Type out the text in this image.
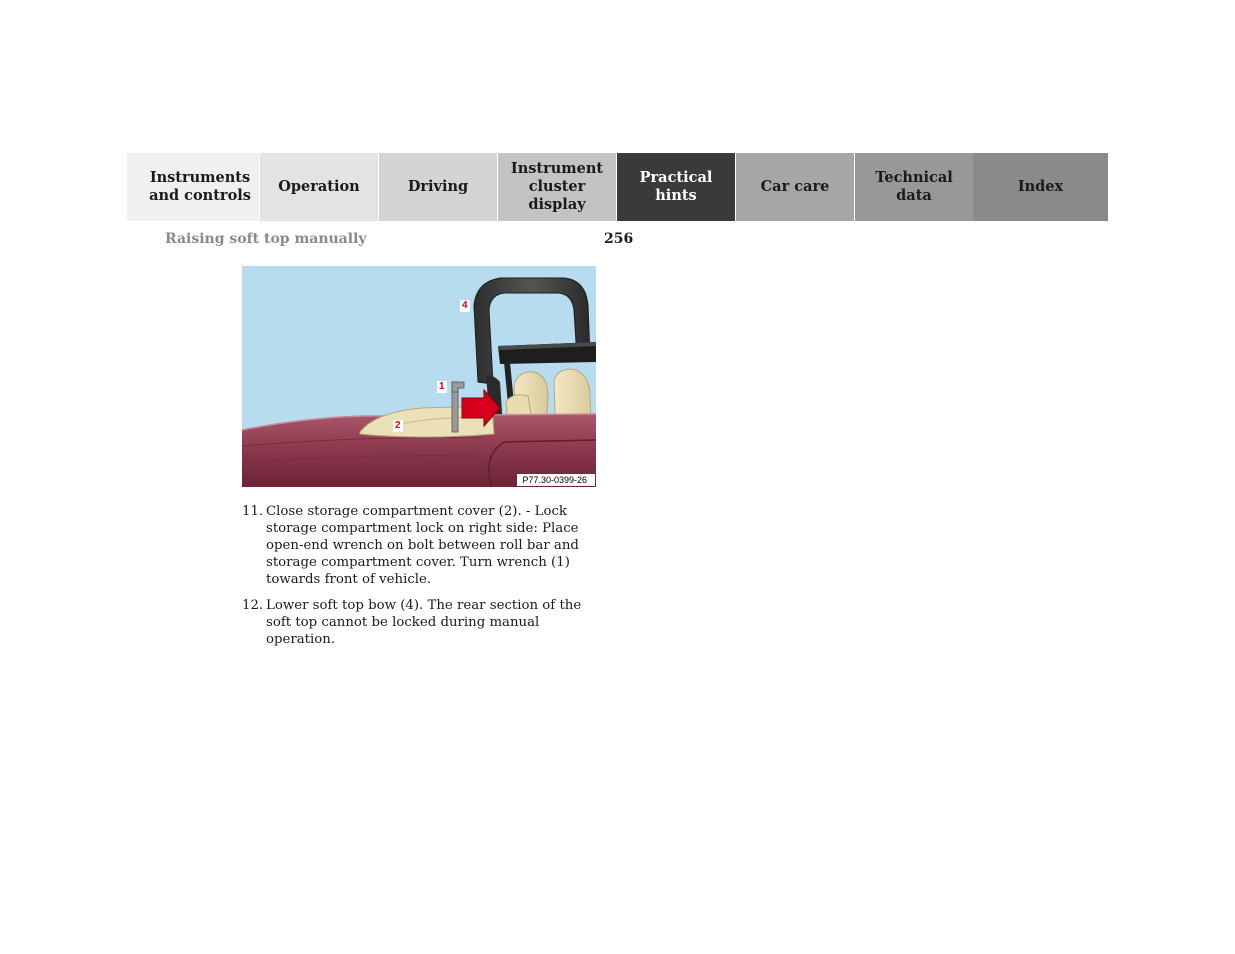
Instruments
and controls
Operation	Driving
Instrument
cluster display
Practical hints
Car care
Technical
data
Index
Raising soft top manually	256
4
1
2
P77.30-0399-26
11. Close storage compartment cover (2). - Lock storage compartment lock on right side: Place open-end wrench on bolt between roll bar and storage compartment cover. Turn wrench (1) towards front of vehicle.
12. Lower soft top bow (4). The rear section of the soft top cannot be locked during manual operation.
